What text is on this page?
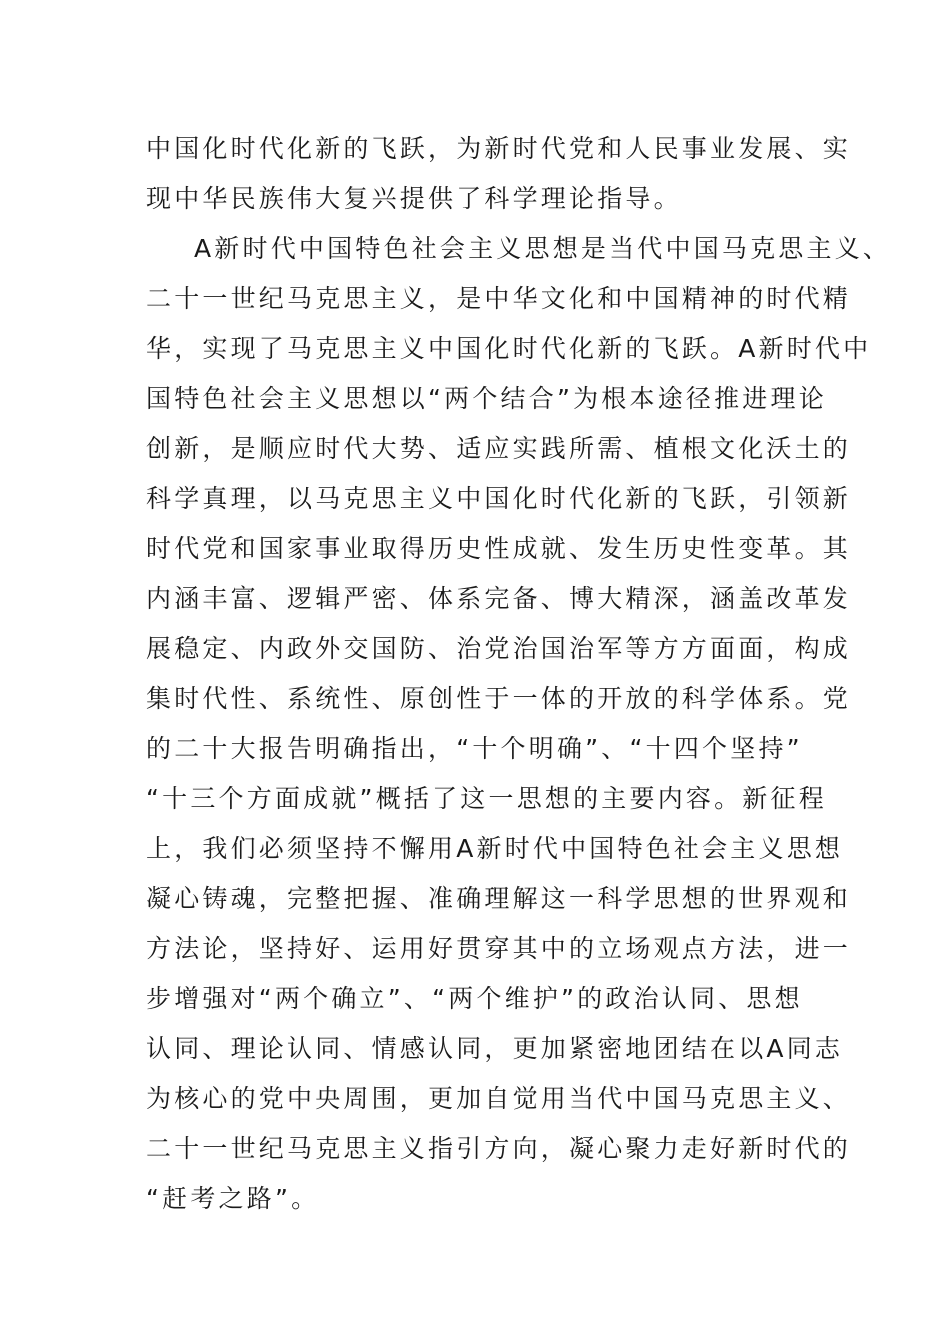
中国化时代化新的飞跃，为新时代党和人民事业发展、实
现中华民族伟大复兴提供了科学理论指导。
A新时代中国特色社会主义思想是当代中国马克思主义、
二十一世纪马克思主义，是中华文化和中国精神的时代精
华，实现了马克思主义中国化时代化新的飞跃。A新时代中
国特色社会主义思想以“两个结合”为根本途径推进理论
创新，是顺应时代大势、适应实践所需、植根文化沃土的
科学真理，以马克思主义中国化时代化新的飞跃，引领新
时代党和国家事业取得历史性成就、发生历史性变革。其
内涵丰富、逻辑严密、体系完备、博大精深，涵盖改革发
展稳定、内政外交国防、治党治国治军等方方面面，构成
集时代性、系统性、原创性于一体的开放的科学体系。党
的二十大报告明确指出，“十个明确”、“十四个坚持”
“十三个方面成就”概括了这一思想的主要内容。新征程
上，我们必须坚持不懈用A新时代中国特色社会主义思想
凝心铸魂，完整把握、准确理解这一科学思想的世界观和
方法论，坚持好、运用好贯穿其中的立场观点方法，进一
步增强对“两个确立”、“两个维护”的政治认同、思想
认同、理论认同、情感认同，更加紧密地团结在以A同志
为核心的党中央周围，更加自觉用当代中国马克思主义、
二十一世纪马克思主义指引方向，凝心聚力走好新时代的
“赶考之路”。
